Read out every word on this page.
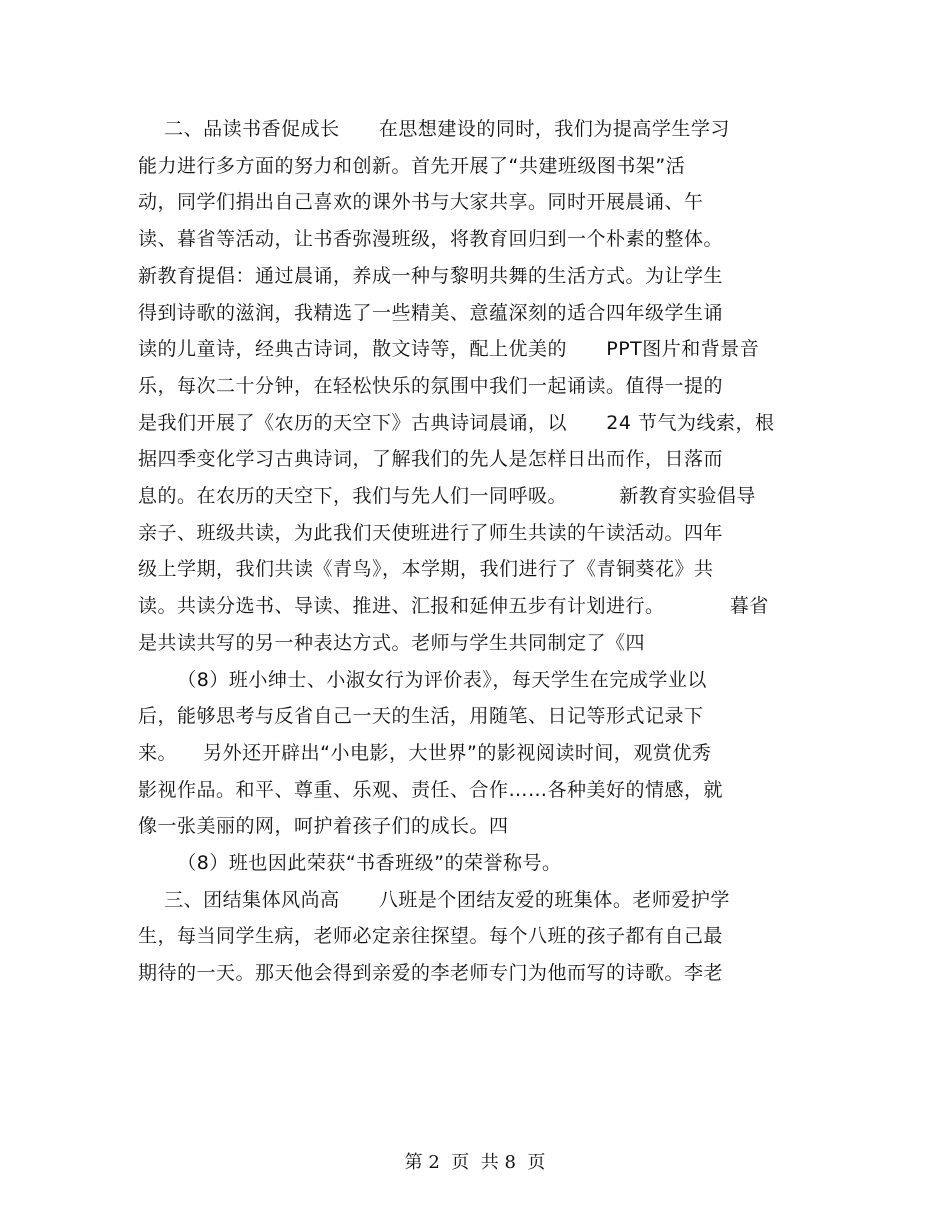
二、品读书香促成长      在思想建设的同时，我们为提高学生学习
能力进行多方面的努力和创新。首先开展了“共建班级图书架”活
动，同学们捐出自己喜欢的课外书与大家共享。同时开展晨诵、午
读、暮省等活动，让书香弥漫班级，将教育回归到一个朴素的整体。
新教育提倡：通过晨诵，养成一种与黎明共舞的生活方式。为让学生
得到诗歌的滋润，我精选了一些精美、意蕴深刻的适合四年级学生诵
读的儿童诗，经典古诗词，散文诗等，配上优美的      PPT图片和背景音
乐，每次二十分钟，在轻松快乐的氛围中我们一起诵读。值得一提的
是我们开展了《农历的天空下》古典诗词晨诵，以      24 节气为线索，根
据四季变化学习古典诗词，了解我们的先人是怎样日出而作，日落而
息的。在农历的天空下，我们与先人们一同呼吸。        新教育实验倡导
亲子、班级共读，为此我们天使班进行了师生共读的午读活动。四年
级上学期，我们共读《青鸟》，本学期，我们进行了《青铜葵花》共
读。共读分选书、导读、推进、汇报和延伸五步有计划进行。          暮省
是共读共写的另一种表达方式。老师与学生共同制定了《四
（8）班小绅士、小淑女行为评价表》，每天学生在完成学业以
后，能够思考与反省自己一天的生活，用随笔、日记等形式记录下
来。    另外还开辟出“小电影，大世界”的影视阅读时间，观赏优秀
影视作品。和平、尊重、乐观、责任、合作……各种美好的情感，就
像一张美丽的网，呵护着孩子们的成长。四
（8）班也因此荣获“书香班级”的荣誉称号。
三、团结集体风尚高      八班是个团结友爱的班集体。老师爱护学
生，每当同学生病，老师必定亲往探望。每个八班的孩子都有自己最
期待的一天。那天他会得到亲爱的李老师专门为他而写的诗歌。李老
第 2  页  共 8  页
